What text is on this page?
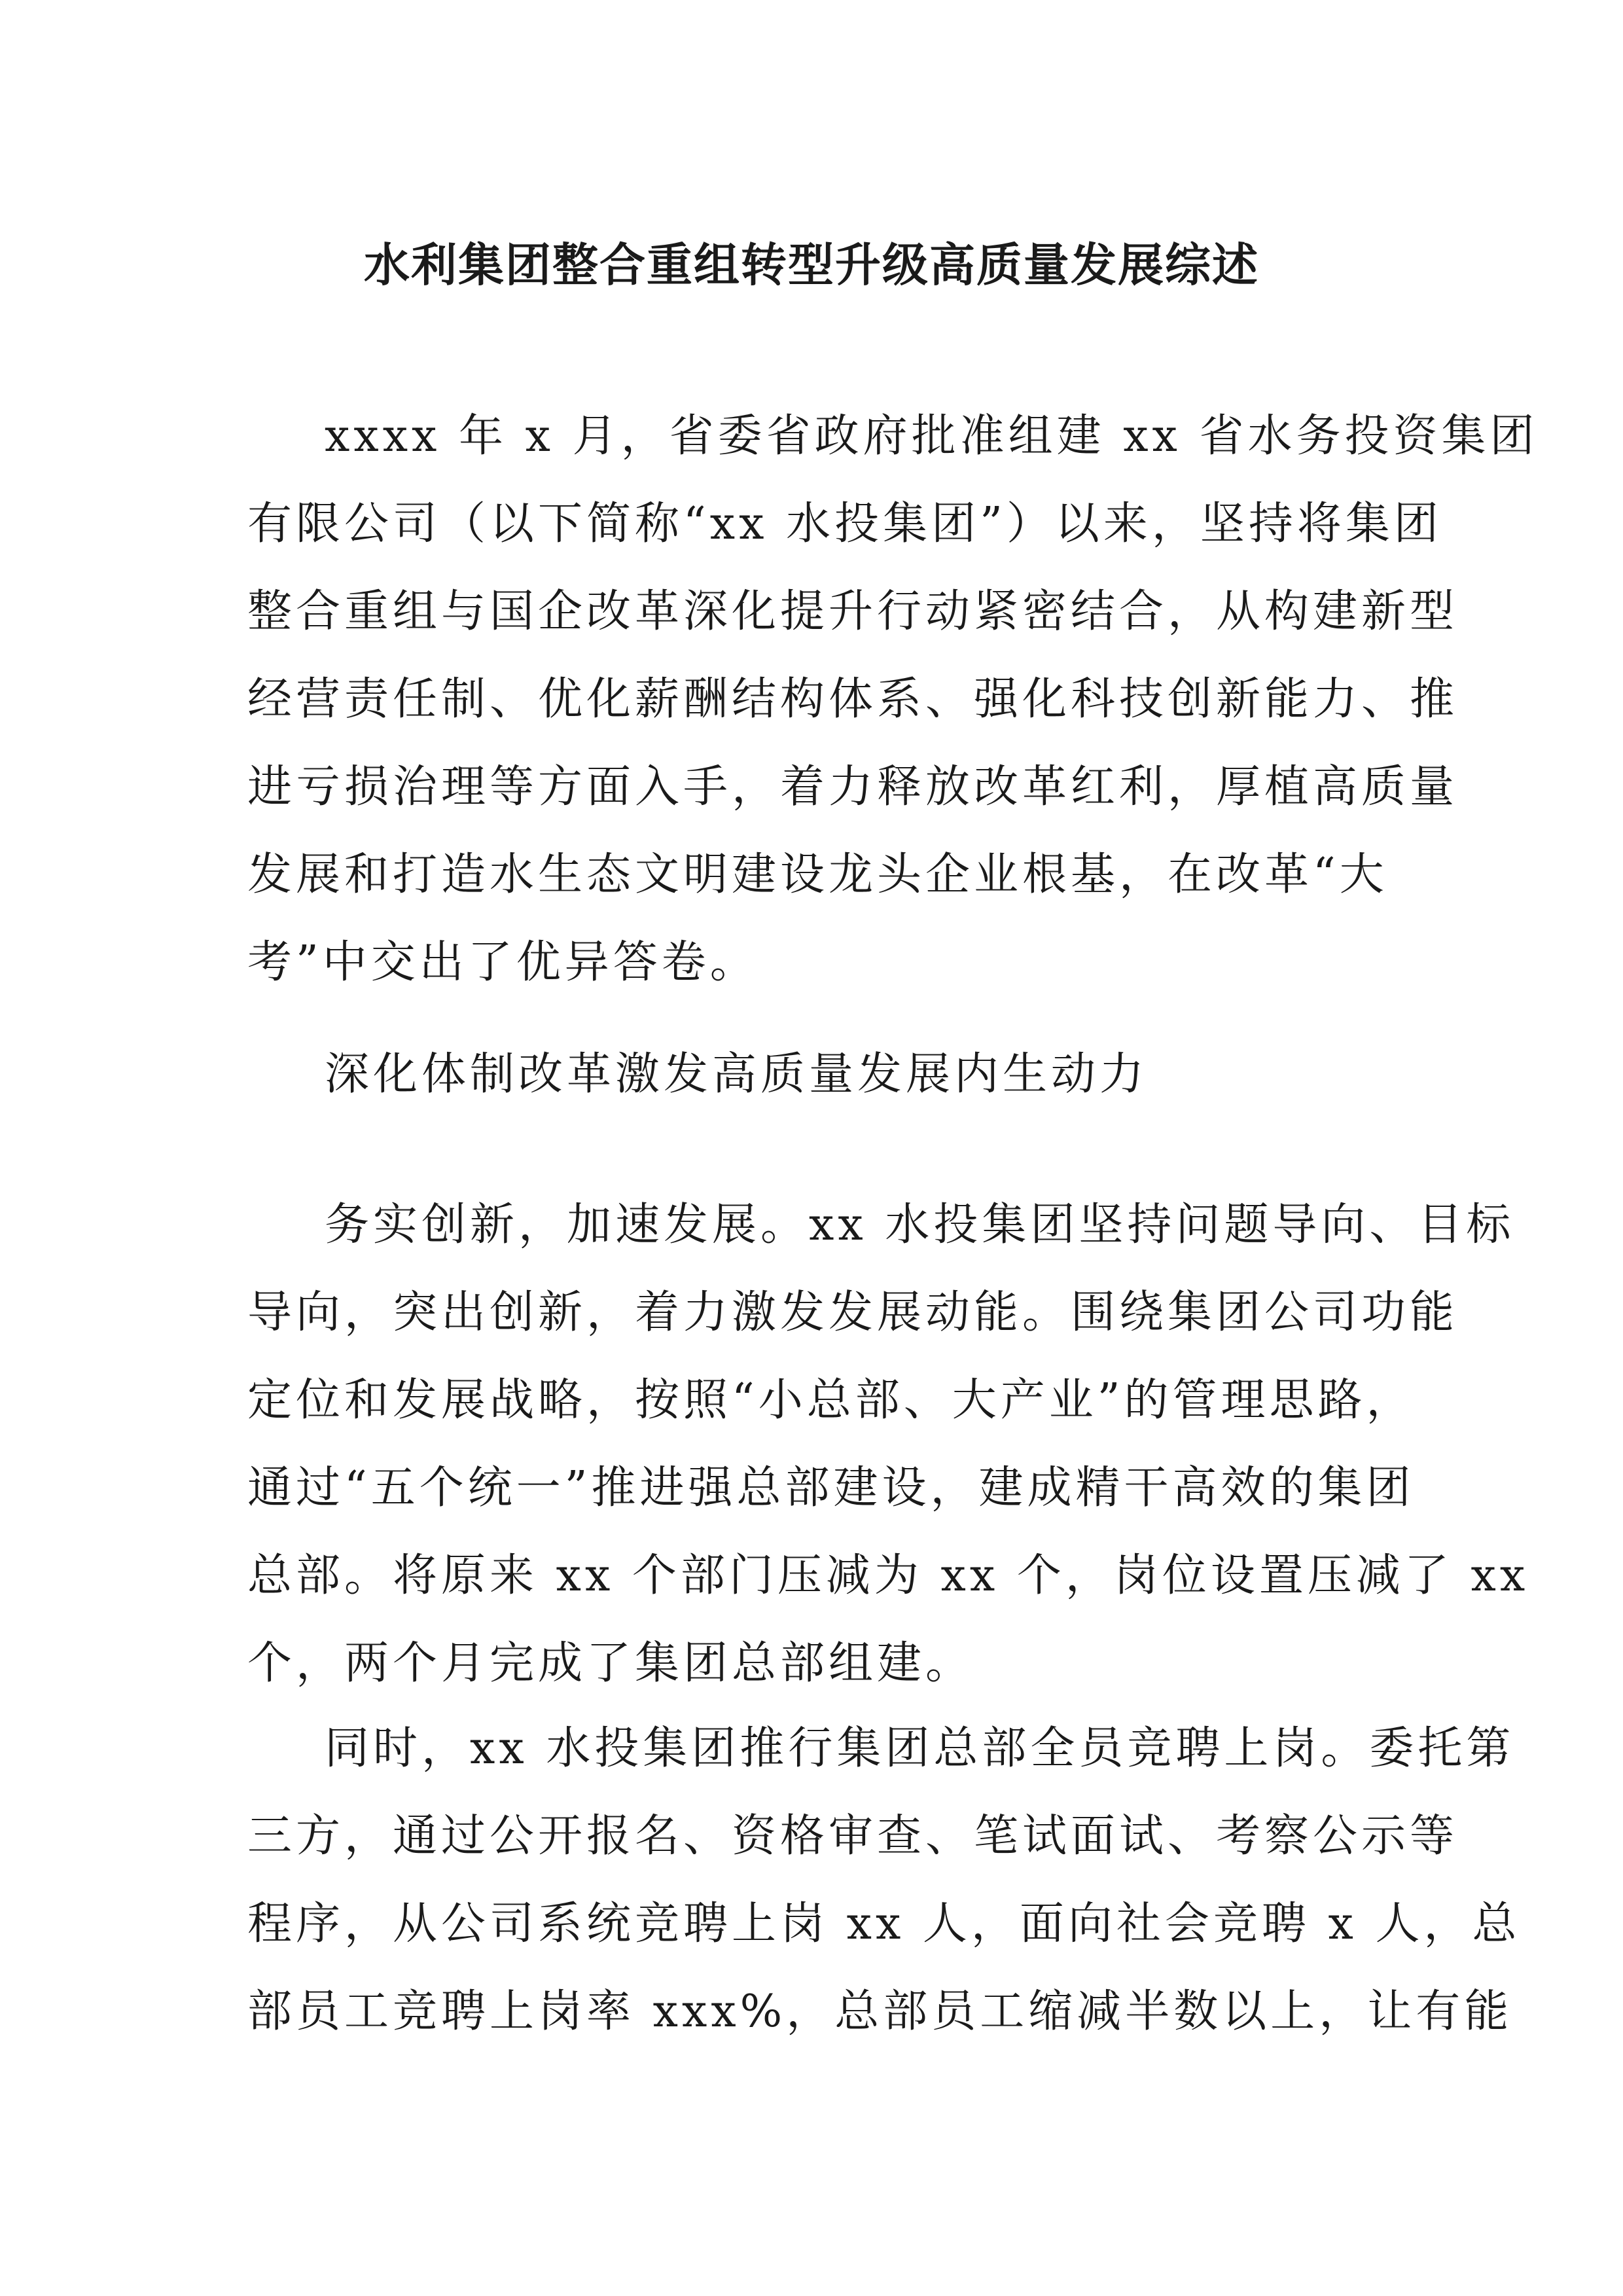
水利集团整合重组转型升级高质量发展综述
xxxx 年 x 月，省委省政府批准组建 xx 省水务投资集团
有限公司（以下简称“xx 水投集团”）以来，坚持将集团
整合重组与国企改革深化提升行动紧密结合，从构建新型
经营责任制、优化薪酬结构体系、强化科技创新能力、推
进亏损治理等方面入手，着力释放改革红利，厚植高质量
发展和打造水生态文明建设龙头企业根基，在改革“大
考”中交出了优异答卷。
深化体制改革激发高质量发展内生动力
务实创新，加速发展。xx 水投集团坚持问题导向、目标
导向，突出创新，着力激发发展动能。围绕集团公司功能
定位和发展战略，按照“小总部、大产业”的管理思路，
通过“五个统一”推进强总部建设，建成精干高效的集团
总部。将原来 xx 个部门压减为 xx 个，岗位设置压减了 xx
个，两个月完成了集团总部组建。
同时，xx 水投集团推行集团总部全员竞聘上岗。委托第
三方，通过公开报名、资格审查、笔试面试、考察公示等
程序，从公司系统竞聘上岗 xx 人，面向社会竞聘 x 人，总
部员工竞聘上岗率 xxx%，总部员工缩减半数以上，让有能
